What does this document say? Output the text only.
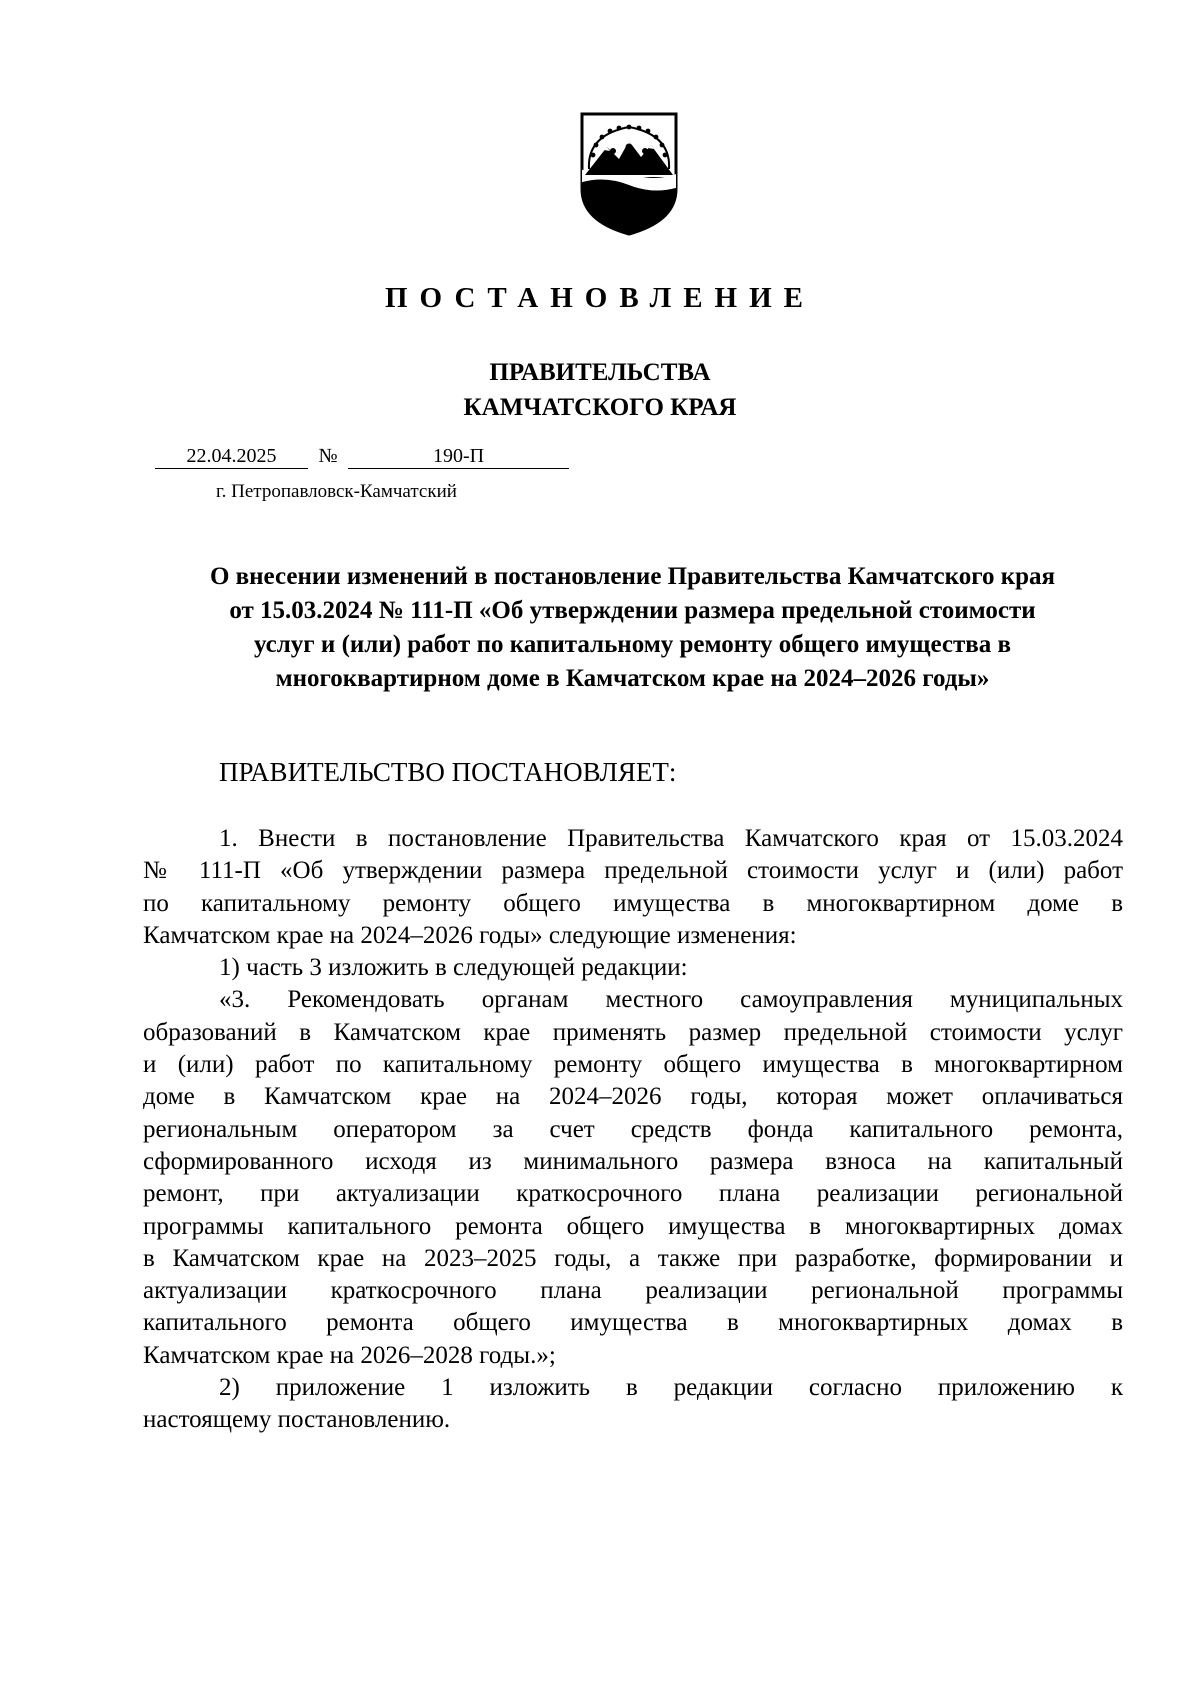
ПОСТАНОВЛЕНИЕ
ПРАВИТЕЛЬСТВА
КАМЧАТСКОГО КРАЯ
22.04.2025 №	190-П
г. Петропавловск-Камчатский
О внесении изменений в постановление Правительства Камчатского края
от 15.03.2024 № 111-П «Об утверждении размера предельной стоимости
услуг и (или) работ по капитальному ремонту общего имущества в
многоквартирном доме в Камчатском крае на 2024–2026 годы»
ПРАВИТЕЛЬСТВО ПОСТАНОВЛЯЕТ:
1. Внести в постановление Правительства Камчатского края от 15.03.2024
№ 111-П «Об утверждении размера предельной стоимости услуг и (или) работ
по капитальному ремонту общего имущества в многоквартирном доме в
Камчатском крае на 2024–2026 годы» следующие изменения:
1) часть 3 изложить в следующей редакции:
«3. Рекомендовать органам местного самоуправления муниципальных
образований в Камчатском крае применять размер предельной стоимости услуг
и (или) работ по капитальному ремонту общего имущества в многоквартирном
доме в Камчатском крае на 2024–2026 годы, которая может оплачиваться
региональным оператором за счет средств фонда капитального ремонта,
сформированного исходя из минимального размера взноса на капитальный
ремонт, при актуализации краткосрочного плана реализации региональной
программы капитального ремонта общего имущества в многоквартирных домах
в Камчатском крае на 2023–2025 годы, а также при разработке, формировании и
актуализации краткосрочного плана реализации региональной программы
капитального ремонта общего имущества в многоквартирных домах в
Камчатском крае на 2026–2028 годы.»;
2) приложение 1 изложить в редакции согласно приложению к
настоящему постановлению.
